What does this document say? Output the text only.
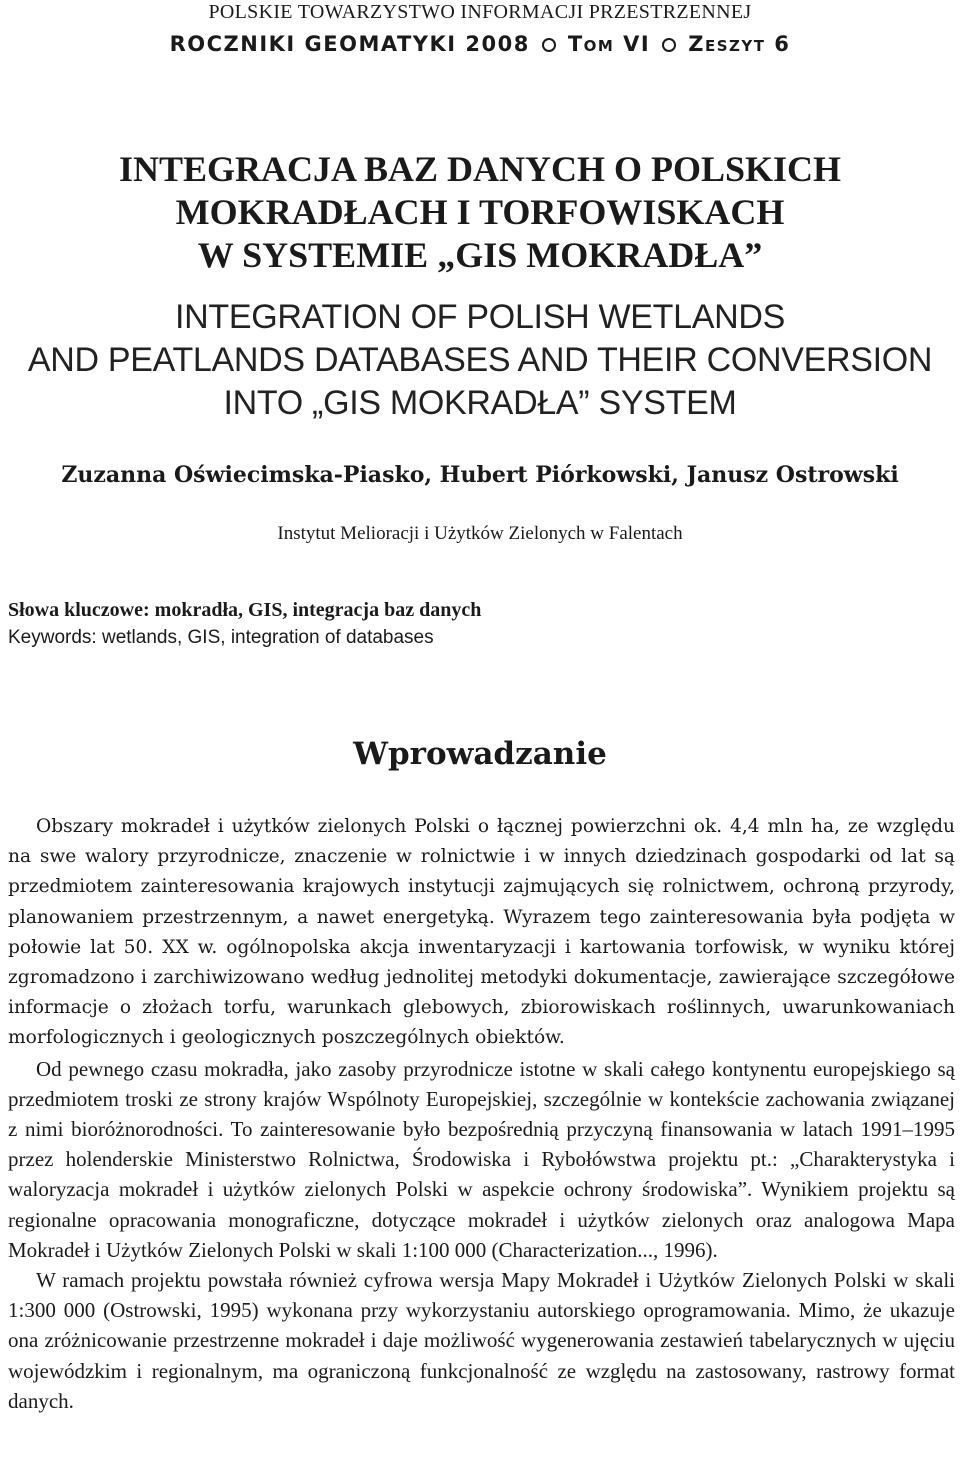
POLSKIE TOWARZYSTWO INFORMACJI PRZESTRZENNEJ
ROCZNIKI GEOMATYKI 2008 Tom VI Zeszyt 6
INTEGRACJA BAZ DANYCH O POLSKICH
MOKRADŁACH I TORFOWISKACH
W SYSTEMIE „GIS MOKRADŁA”
INTEGRATION OF POLISH WETLANDS
AND PEATLANDS DATABASES AND THEIR CONVERSION
INTO „GIS MOKRADŁA” SYSTEM
Zuzanna Oświecimska-Piasko, Hubert Piórkowski, Janusz Ostrowski
Instytut Melioracji i Użytków Zielonych w Falentach
Słowa kluczowe: mokradła, GIS, integracja baz danych
Keywords: wetlands, GIS, integration of databases
Wprowadzanie

Obszary mokradeł i użytków zielonych Polski o łącznej powierzchni ok. 4,4 mln ha, ze względu na swe walory przyrodnicze, znaczenie w rolnictwie i w innych dziedzinach gospodarki od lat są przedmiotem zainteresowania krajowych instytucji zajmujących się rolnictwem, ochroną przyrody, planowaniem przestrzennym, a nawet energetyką. Wyrazem tego zainteresowania była podjęta w połowie lat 50. XX w. ogólnopolska akcja inwentaryzacji i kartowania torfowisk, w wyniku której zgromadzono i zarchiwizowano według jednolitej metodyki dokumentacje, zawierające szczegółowe informacje o złożach torfu, warunkach glebowych, zbiorowiskach roślinnych, uwarunkowaniach morfologicznych i geologicznych poszczególnych obiektów.

Od pewnego czasu mokradła, jako zasoby przyrodnicze istotne w skali całego kontynentu europejskiego są przedmiotem troski ze strony krajów Wspólnoty Europejskiej, szczególnie w kontekście zachowania związanej z nimi bioróżnorodności. To zainteresowanie było bezpośrednią przyczyną finansowania w latach 1991–1995 przez holenderskie Ministerstwo Rolnictwa, Środowiska i Rybołówstwa projektu pt.: „Charakterystyka i waloryzacja mokradeł i użytków zielonych Polski w aspekcie ochrony środowiska”. Wynikiem projektu są regionalne opracowania monograficzne, dotyczące mokradeł i użytków zielonych oraz analogowa Mapa Mokradeł i Użytków Zielonych Polski w skali 1:100 000 (Characterization..., 1996).

W ramach projektu powstała również cyfrowa wersja Mapy Mokradeł i Użytków Zielonych Polski w skali 1:300 000 (Ostrowski, 1995) wykonana przy wykorzystaniu autorskiego oprogramowania. Mimo, że ukazuje ona zróżnicowanie przestrzenne mokradeł i daje możliwość wygenerowania zestawień tabelarycznych w ujęciu wojewódzkim i regionalnym, ma ograniczoną funkcjonalność ze względu na zastosowany, rastrowy format danych.
